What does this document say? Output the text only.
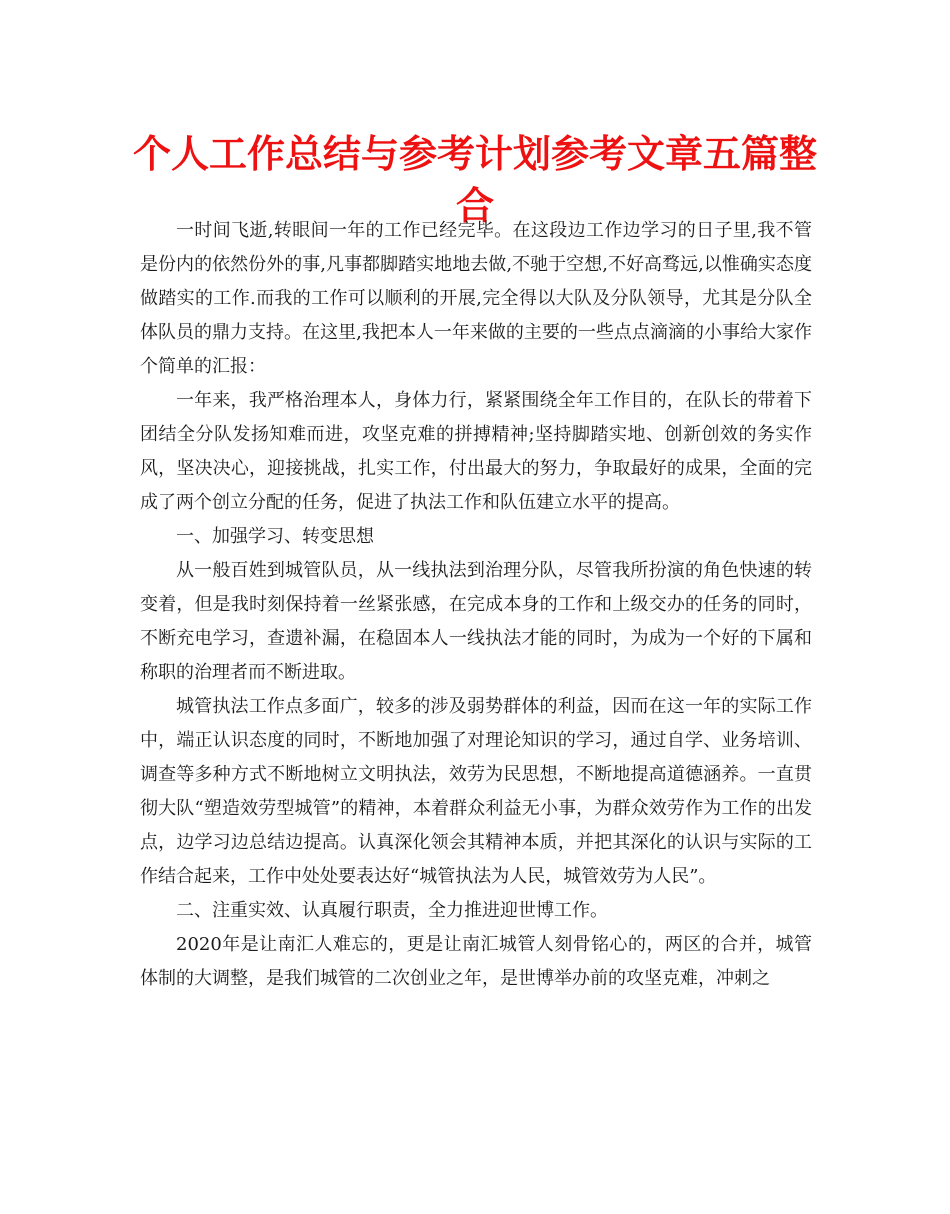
个人工作总结与参考计划参考文章五篇整合

一时间飞逝,转眼间一年的工作已经完毕。在这段边工作边学习的日子里,我不管是份内的依然份外的事,凡事都脚踏实地地去做,不驰于空想,不好高骛远,以惟确实态度做踏实的工作.而我的工作可以顺利的开展,完全得以大队及分队领导，尤其是分队全体队员的鼎力支持。在这里,我把本人一年来做的主要的一些点点滴滴的小事给大家作个简单的汇报：

一年来，我严格治理本人，身体力行，紧紧围绕全年工作目的，在队长的带着下团结全分队发扬知难而进，攻坚克难的拼搏精神;坚持脚踏实地、创新创效的务实作风，坚决决心，迎接挑战，扎实工作，付出最大的努力，争取最好的成果，全面的完成了两个创立分配的任务，促进了执法工作和队伍建立水平的提高。

一、加强学习、转变思想

从一般百姓到城管队员，从一线执法到治理分队，尽管我所扮演的角色快速的转变着，但是我时刻保持着一丝紧张感，在完成本身的工作和上级交办的任务的同时，不断充电学习，查遗补漏，在稳固本人一线执法才能的同时，为成为一个好的下属和称职的治理者而不断进取。

城管执法工作点多面广，较多的涉及弱势群体的利益，因而在这一年的实际工作中，端正认识态度的同时，不断地加强了对理论知识的学习，通过自学、业务培训、调查等多种方式不断地树立文明执法，效劳为民思想，不断地提高道德涵养。一直贯彻大队“塑造效劳型城管”的精神，本着群众利益无小事，为群众效劳作为工作的出发点，边学习边总结边提高。认真深化领会其精神本质，并把其深化的认识与实际的工作结合起来，工作中处处要表达好“城管执法为人民，城管效劳为人民”。

二、注重实效、认真履行职责，全力推进迎世博工作。

2020年是让南汇人难忘的，更是让南汇城管人刻骨铭心的，两区的合并，城管体制的大调整，是我们城管的二次创业之年，是世博举办前的攻坚克难，冲刺之
